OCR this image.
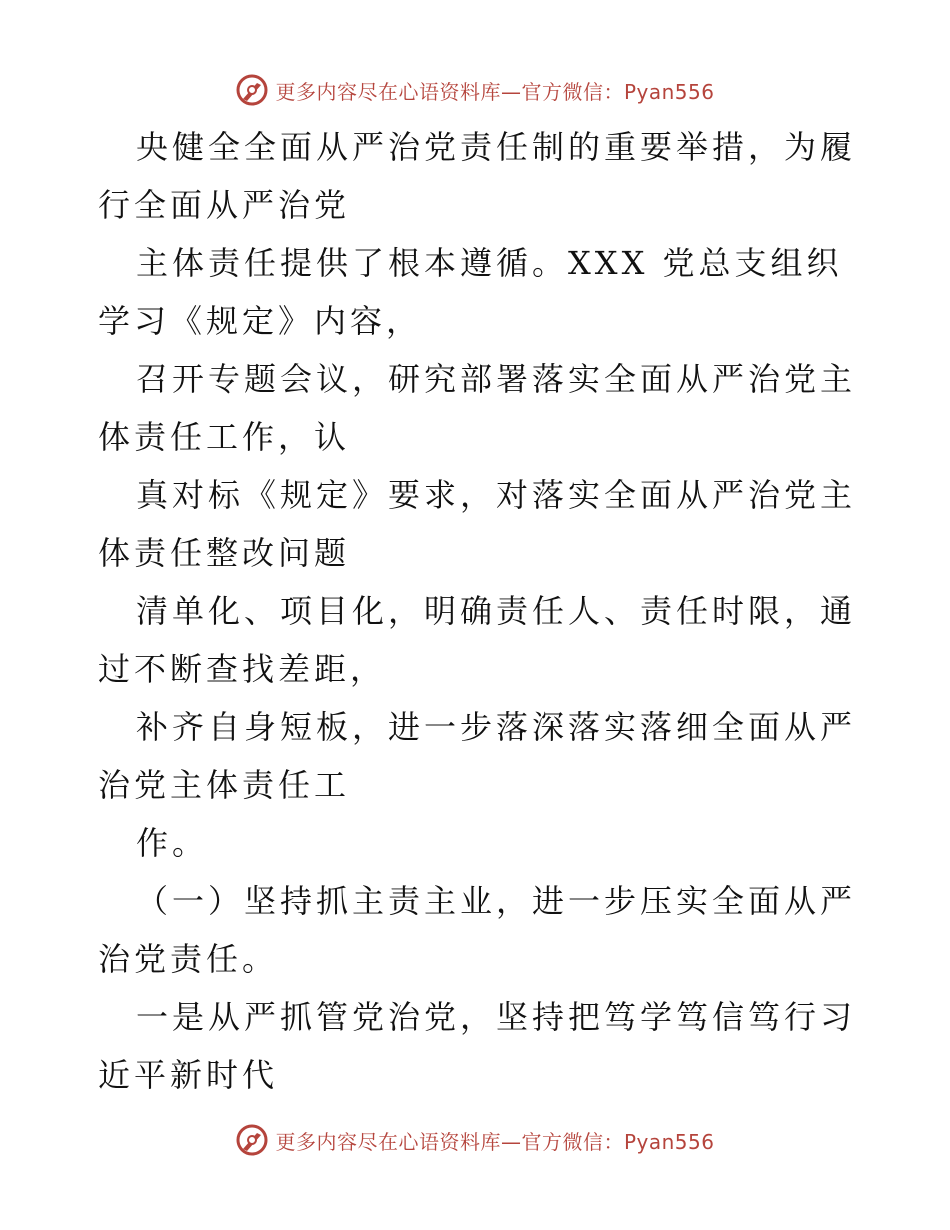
更多内容尽在心语资料库—官方微信：Pyan556

央健全全面从严治党责任制的重要举措，为履行全面从严治党

主体责任提供了根本遵循。XXX 党总支组织学习《规定》内容，

召开专题会议，研究部署落实全面从严治党主体责任工作，认

真对标《规定》要求，对落实全面从严治党主体责任整改问题

清单化、项目化，明确责任人、责任时限，通过不断查找差距，

补齐自身短板，进一步落深落实落细全面从严治党主体责任工

作。

（一）坚持抓主责主业，进一步压实全面从严治党责任。

一是从严抓管党治党，坚持把笃学笃信笃行习近平新时代

更多内容尽在心语资料库—官方微信：Pyan556
